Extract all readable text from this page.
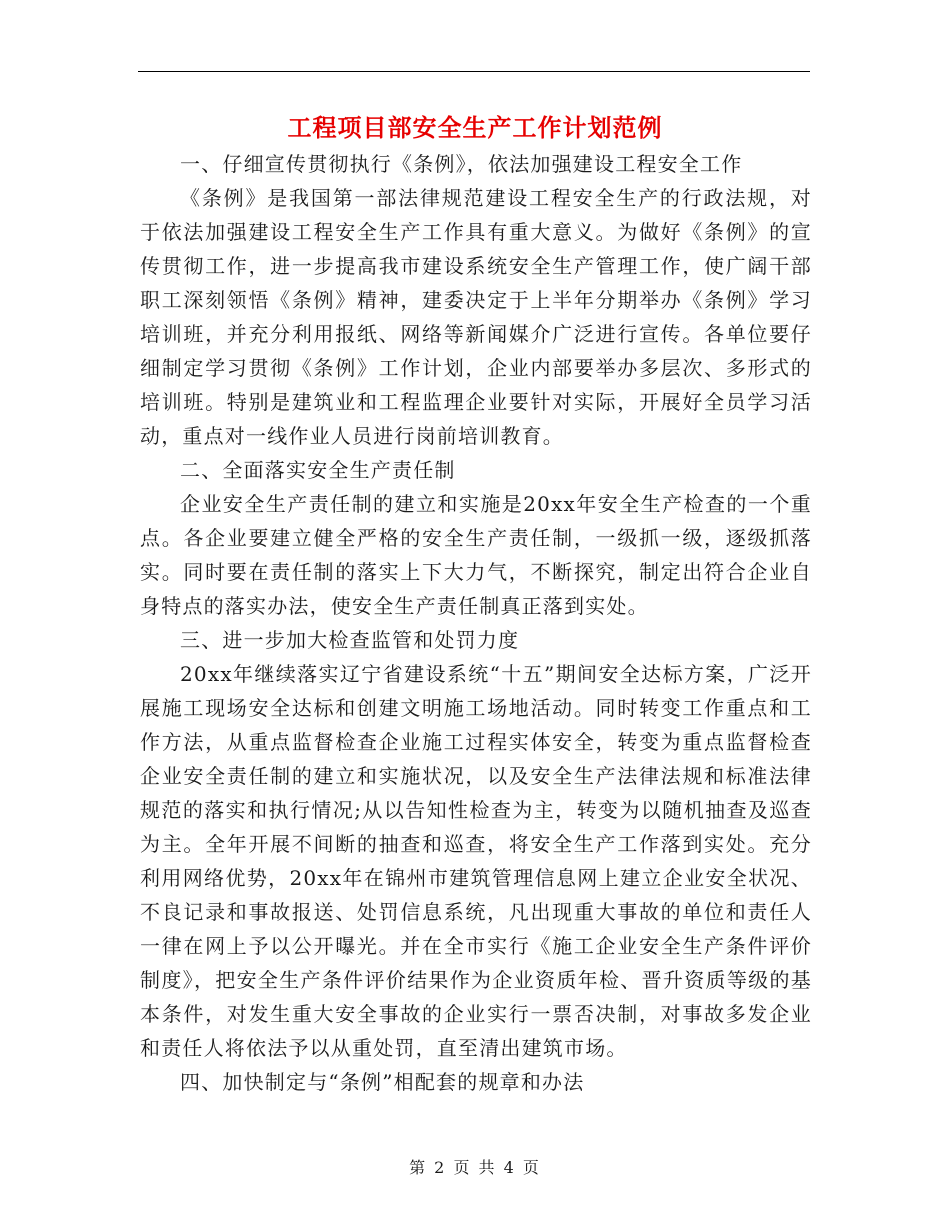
工程项目部安全生产工作计划范例

一、仔细宣传贯彻执行《条例》，依法加强建设工程安全工作

《条例》是我国第一部法律规范建设工程安全生产的行政法规，对于依法加强建设工程安全生产工作具有重大意义。为做好《条例》的宣传贯彻工作，进一步提高我市建设系统安全生产管理工作，使广阔干部职工深刻领悟《条例》精神，建委决定于上半年分期举办《条例》学习培训班，并充分利用报纸、网络等新闻媒介广泛进行宣传。各单位要仔细制定学习贯彻《条例》工作计划，企业内部要举办多层次、多形式的培训班。特别是建筑业和工程监理企业要针对实际，开展好全员学习活动，重点对一线作业人员进行岗前培训教育。

二、全面落实安全生产责任制

企业安全生产责任制的建立和实施是20xx年安全生产检查的一个重点。各企业要建立健全严格的安全生产责任制，一级抓一级，逐级抓落实。同时要在责任制的落实上下大力气，不断探究，制定出符合企业自身特点的落实办法，使安全生产责任制真正落到实处。

三、进一步加大检查监管和处罚力度

20xx年继续落实辽宁省建设系统“十五”期间安全达标方案，广泛开展施工现场安全达标和创建文明施工场地活动。同时转变工作重点和工作方法，从重点监督检查企业施工过程实体安全，转变为重点监督检查企业安全责任制的建立和实施状况，以及安全生产法律法规和标准法律规范的落实和执行情况;从以告知性检查为主，转变为以随机抽查及巡查为主。全年开展不间断的抽查和巡查，将安全生产工作落到实处。充分利用网络优势，20xx年在锦州市建筑管理信息网上建立企业安全状况、不良记录和事故报送、处罚信息系统，凡出现重大事故的单位和责任人一律在网上予以公开曝光。并在全市实行《施工企业安全生产条件评价制度》，把安全生产条件评价结果作为企业资质年检、晋升资质等级的基本条件，对发生重大安全事故的企业实行一票否决制，对事故多发企业和责任人将依法予以从重处罚，直至清出建筑市场。

四、加快制定与“条例”相配套的规章和办法

第 2 页 共 4 页
